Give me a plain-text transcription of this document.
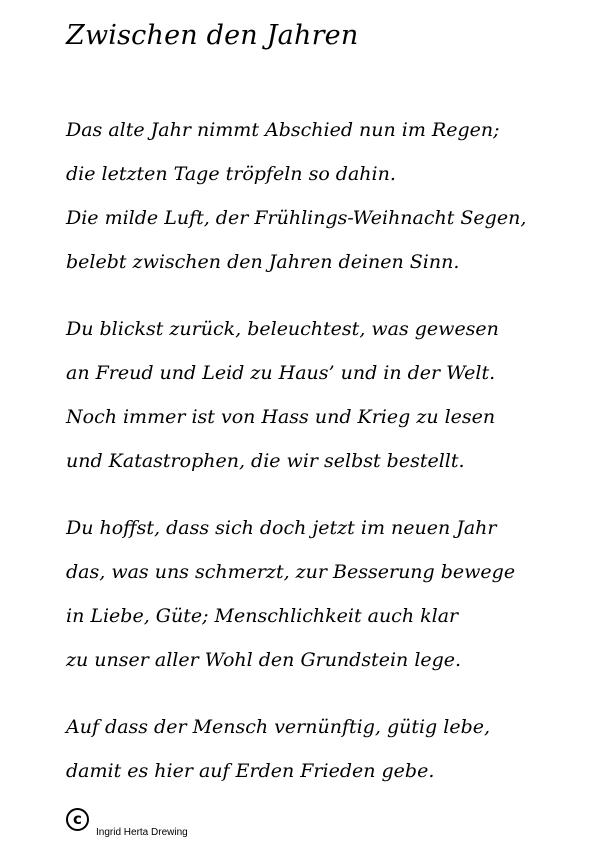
Zwischen den Jahren
Das alte Jahr nimmt Abschied nun im Regen;
die letzten Tage tröpfeln so dahin.
Die milde Luft, der Frühlings-Weihnacht Segen,
belebt zwischen den Jahren deinen Sinn.
Du blickst zurück, beleuchtest, was gewesen
an Freud und Leid zu Haus’ und in der Welt.
Noch immer ist von Hass und Krieg zu lesen
und Katastrophen, die wir selbst bestellt.
Du hoffst, dass sich doch jetzt im neuen Jahr
das, was uns schmerzt, zur Besserung bewege
in Liebe, Güte; Menschlichkeit auch klar
zu unser aller Wohl den Grundstein lege.
Auf dass der Mensch vernünftig, gütig lebe,
damit es hier auf Erden Frieden gebe.
c
Ingrid Herta Drewing
